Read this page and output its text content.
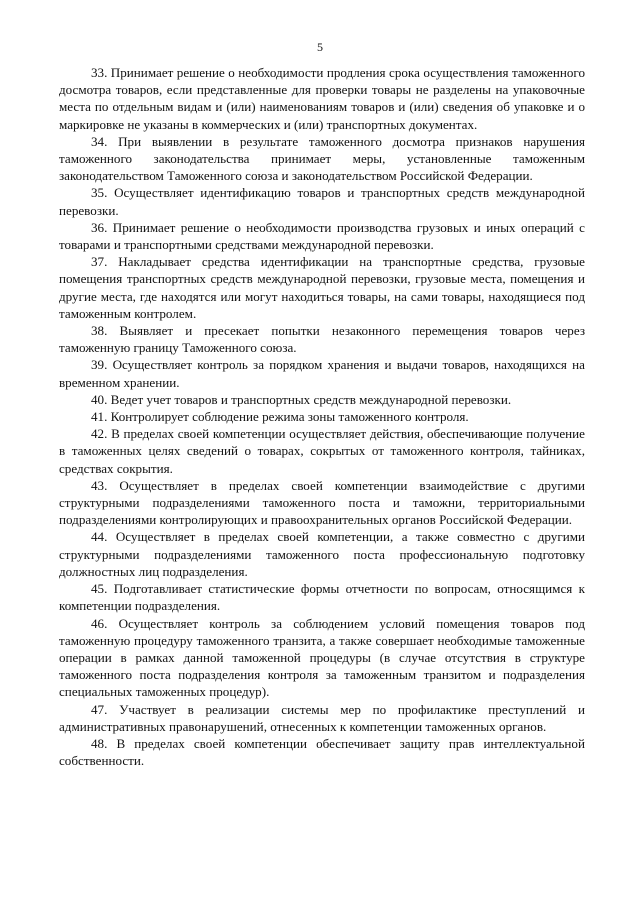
5

33. Принимает решение о необходимости продления срока осуществления таможенного досмотра товаров, если представленные для проверки товары не разделены на упаковочные места по отдельным видам и (или) наименованиям товаров и (или) сведения об упаковке и о маркировке не указаны в коммерческих и (или) транспортных документах.

34. При выявлении в результате таможенного досмотра признаков нарушения таможенного законодательства принимает меры, установленные таможенным законодательством Таможенного союза и законодательством Российской Федерации.

35. Осуществляет идентификацию товаров и транспортных средств международной перевозки.

36. Принимает решение о необходимости производства грузовых и иных операций с товарами и транспортными средствами международной перевозки.

37. Накладывает средства идентификации на транспортные средства, грузовые помещения транспортных средств международной перевозки, грузовые места, помещения и другие места, где находятся или могут находиться товары, на сами товары, находящиеся под таможенным контролем.

38. Выявляет и пресекает попытки незаконного перемещения товаров через таможенную границу Таможенного союза.

39. Осуществляет контроль за порядком хранения и выдачи товаров, находящихся на временном хранении.

40. Ведет учет товаров и транспортных средств международной перевозки.

41. Контролирует соблюдение режима зоны таможенного контроля.

42. В пределах своей компетенции осуществляет действия, обеспечивающие получение в таможенных целях сведений о товарах, сокрытых от таможенного контроля, тайниках, средствах сокрытия.

43. Осуществляет в пределах своей компетенции взаимодействие с другими структурными подразделениями таможенного поста и таможни, территориальными подразделениями контролирующих и правоохранительных органов Российской Федерации.

44. Осуществляет в пределах своей компетенции, а также совместно с другими структурными подразделениями таможенного поста профессиональную подготовку должностных лиц подразделения.

45. Подготавливает статистические формы отчетности по вопросам, относящимся к компетенции подразделения.

46. Осуществляет контроль за соблюдением условий помещения товаров под таможенную процедуру таможенного транзита, а также совершает необходимые таможенные операции в рамках данной таможенной процедуры (в случае отсутствия в структуре таможенного поста подразделения контроля за таможенным транзитом и подразделения специальных таможенных процедур).

47. Участвует в реализации системы мер по профилактике преступлений и административных правонарушений, отнесенных к компетенции таможенных органов.

48. В пределах своей компетенции обеспечивает защиту прав интеллектуальной собственности.
